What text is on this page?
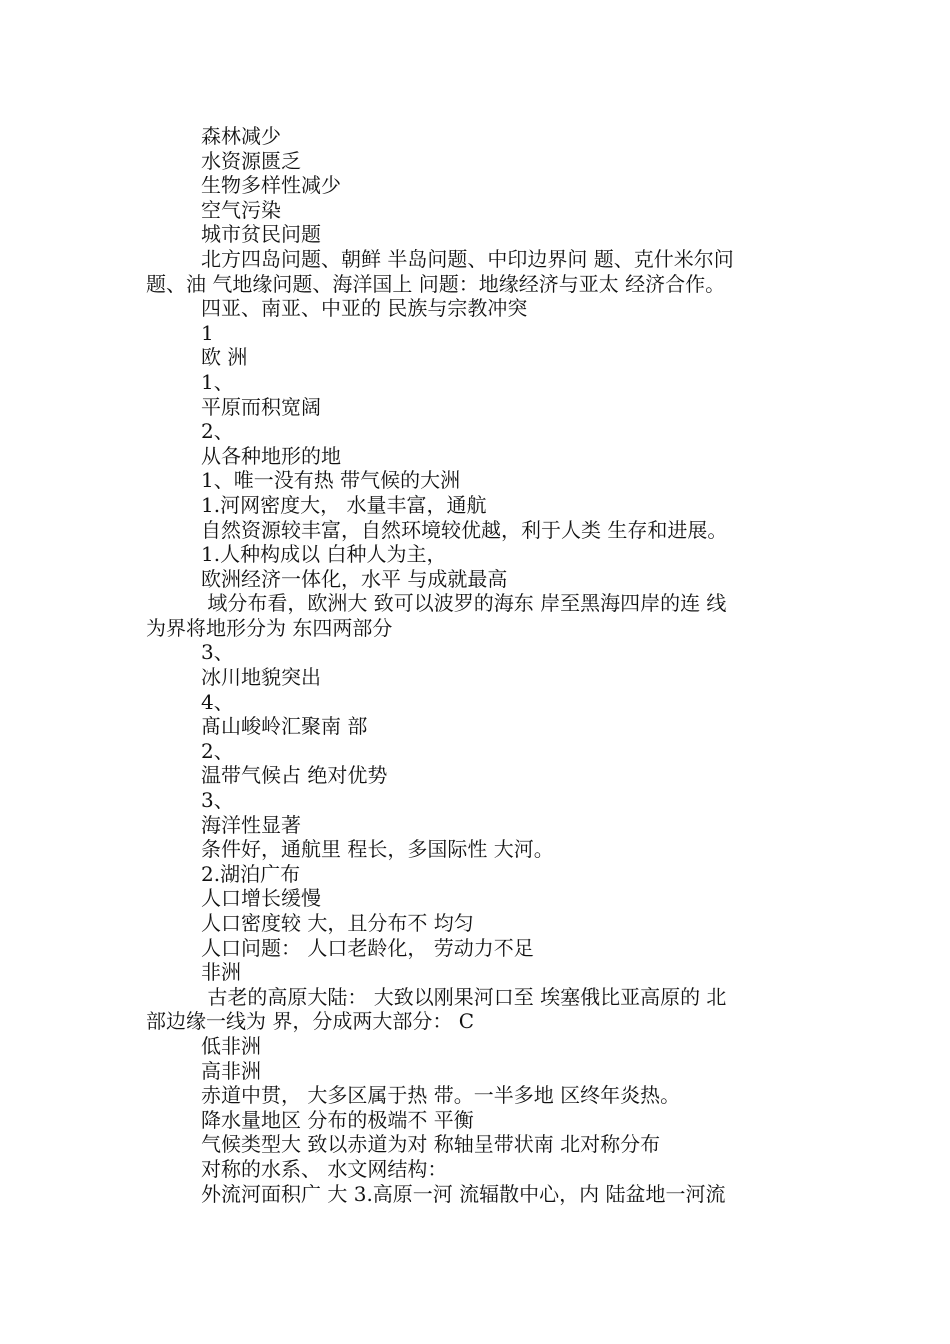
森林减少
水资源匮乏
生物多样性减少
空气污染
城市贫民问题
北方四岛问题、朝鲜 半岛问题、中印边界问 题、克什米尔问
题、油 气地缘问题、海洋国上 问题：地缘经济与亚太 经济合作。
四亚、南亚、中亚的 民族与宗教冲突
1
欧 洲
1、
平原而积宽阔
2、
从各种地形的地
1、唯一没有热 带气候的大洲
1.河网密度大， 水量丰富，通航
自然资源较丰富，自然环境较优越，利于人类 生存和进展。
1.人种构成以 白种人为主，
欧洲经济一体化，水平 与成就最高
域分布看，欧洲大 致可以波罗的海东 岸至黑海四岸的连 线
为界将地形分为 东四两部分
3、
冰川地貌突出
4、
髙山峻岭汇聚南 部
2、
温带气候占 绝对优势
3、
海洋性显著
条件好，通航里 程长，多国际性 大河。
2.湖泊广布
人口增长缓慢
人口密度较 大，且分布不 均匀
人口问题： 人口老龄化， 劳动力不足
非洲
古老的高原大陆： 大致以刚果河口至 埃塞俄比亚高原的 北
部边缘一线为 界，分成两大部分： C
低非洲
高非洲
赤道中贯， 大多区属于热 带。一半多地 区终年炎热。
降水量地区 分布的极端不 平衡
气候类型大 致以赤道为对 称轴呈带状南 北对称分布
对称的水系、 水文网结构：
外流河面积广 大 3.高原一河 流辐散中心，内 陆盆地一河流
